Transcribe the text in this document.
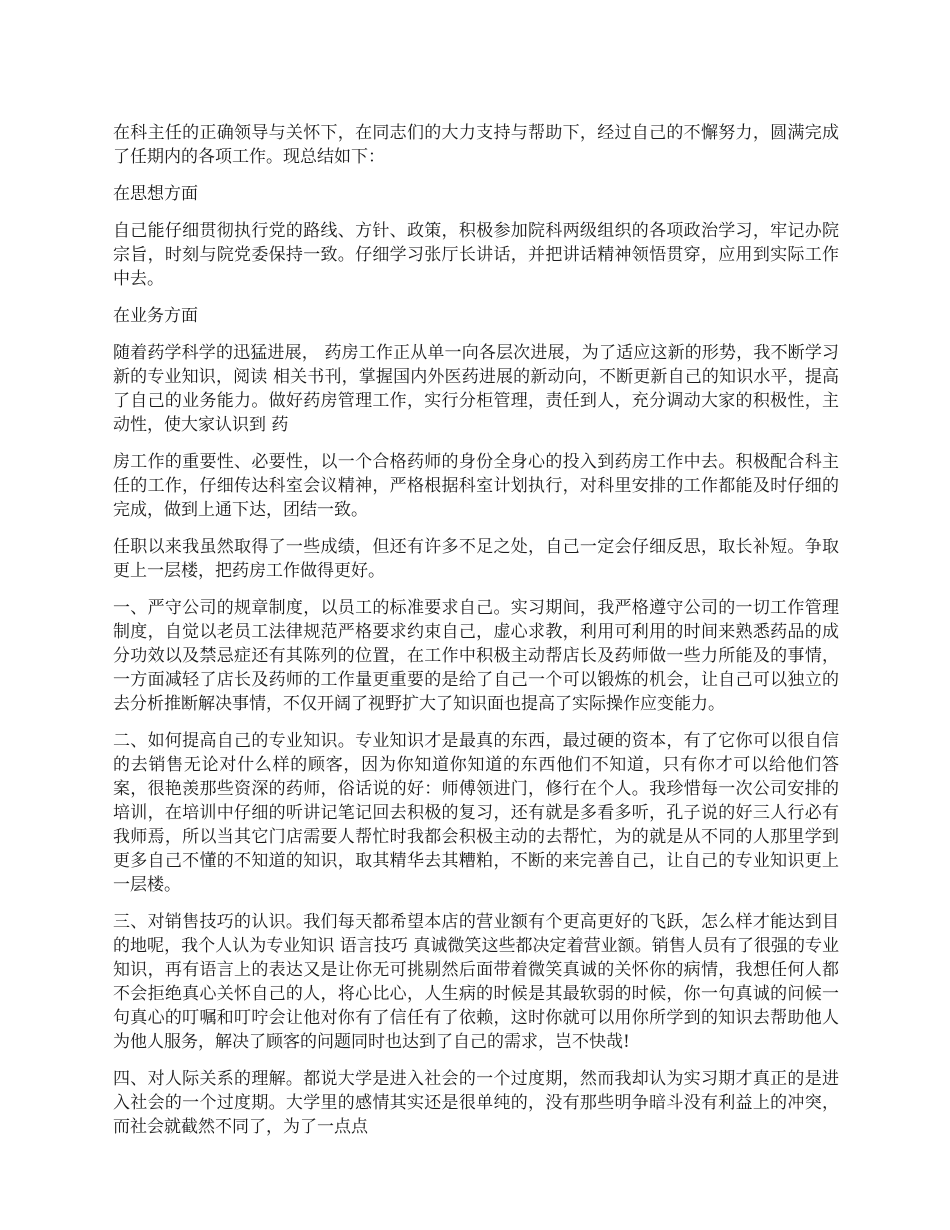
在科主任的正确领导与关怀下，在同志们的大力支持与帮助下，经过自己的不懈努力，圆满完成了任期内的各项工作。现总结如下：

在思想方面

自己能仔细贯彻执行党的路线、方针、政策，积极参加院科两级组织的各项政治学习，牢记办院宗旨，时刻与院党委保持一致。仔细学习张厅长讲话，并把讲话精神领悟贯穿，应用到实际工作中去。

在业务方面

随着药学科学的迅猛进展， 药房工作正从单一向各层次进展，为了适应这新的形势，我不断学习新的专业知识，阅读 相关书刊，掌握国内外医药进展的新动向，不断更新自己的知识水平，提高了自己的业务能力。做好药房管理工作，实行分柜管理，责任到人，充分调动大家的积极性，主动性，使大家认识到 药

房工作的重要性、必要性，以一个合格药师的身份全身心的投入到药房工作中去。积极配合科主任的工作，仔细传达科室会议精神，严格根据科室计划执行，对科里安排的工作都能及时仔细的完成，做到上通下达，团结一致。

任职以来我虽然取得了一些成绩，但还有许多不足之处，自己一定会仔细反思，取长补短。争取更上一层楼，把药房工作做得更好。

一、严守公司的规章制度，以员工的标准要求自己。实习期间，我严格遵守公司的一切工作管理制度，自觉以老员工法律规范严格要求约束自己，虚心求教，利用可利用的时间来熟悉药品的成分功效以及禁忌症还有其陈列的位置，在工作中积极主动帮店长及药师做一些力所能及的事情，一方面减轻了店长及药师的工作量更重要的是给了自己一个可以锻炼的机会，让自己可以独立的去分析推断解决事情，不仅开阔了视野扩大了知识面也提高了实际操作应变能力。

二、如何提高自己的专业知识。专业知识才是最真的东西，最过硬的资本，有了它你可以很自信的去销售无论对什么样的顾客，因为你知道你知道的东西他们不知道，只有你才可以给他们答案，很艳羡那些资深的药师，俗话说的好：师傅领进门，修行在个人。我珍惜每一次公司安排的培训，在培训中仔细的听讲记笔记回去积极的复习，还有就是多看多听，孔子说的好三人行必有我师焉，所以当其它门店需要人帮忙时我都会积极主动的去帮忙，为的就是从不同的人那里学到更多自己不懂的不知道的知识，取其精华去其糟粕，不断的来完善自己，让自己的专业知识更上一层楼。

三、对销售技巧的认识。我们每天都希望本店的营业额有个更高更好的飞跃，怎么样才能达到目的地呢，我个人认为专业知识 语言技巧 真诚微笑这些都决定着营业额。销售人员有了很强的专业知识，再有语言上的表达又是让你无可挑剔然后面带着微笑真诚的关怀你的病情，我想任何人都不会拒绝真心关怀自己的人，将心比心，人生病的时候是其最软弱的时候，你一句真诚的问候一句真心的叮嘱和叮咛会让他对你有了信任有了依赖，这时你就可以用你所学到的知识去帮助他人为他人服务，解决了顾客的问题同时也达到了自己的需求，岂不快哉!

四、对人际关系的理解。都说大学是进入社会的一个过度期，然而我却认为实习期才真正的是进入社会的一个过度期。大学里的感情其实还是很单纯的，没有那些明争暗斗没有利益上的冲突，而社会就截然不同了，为了一点点
